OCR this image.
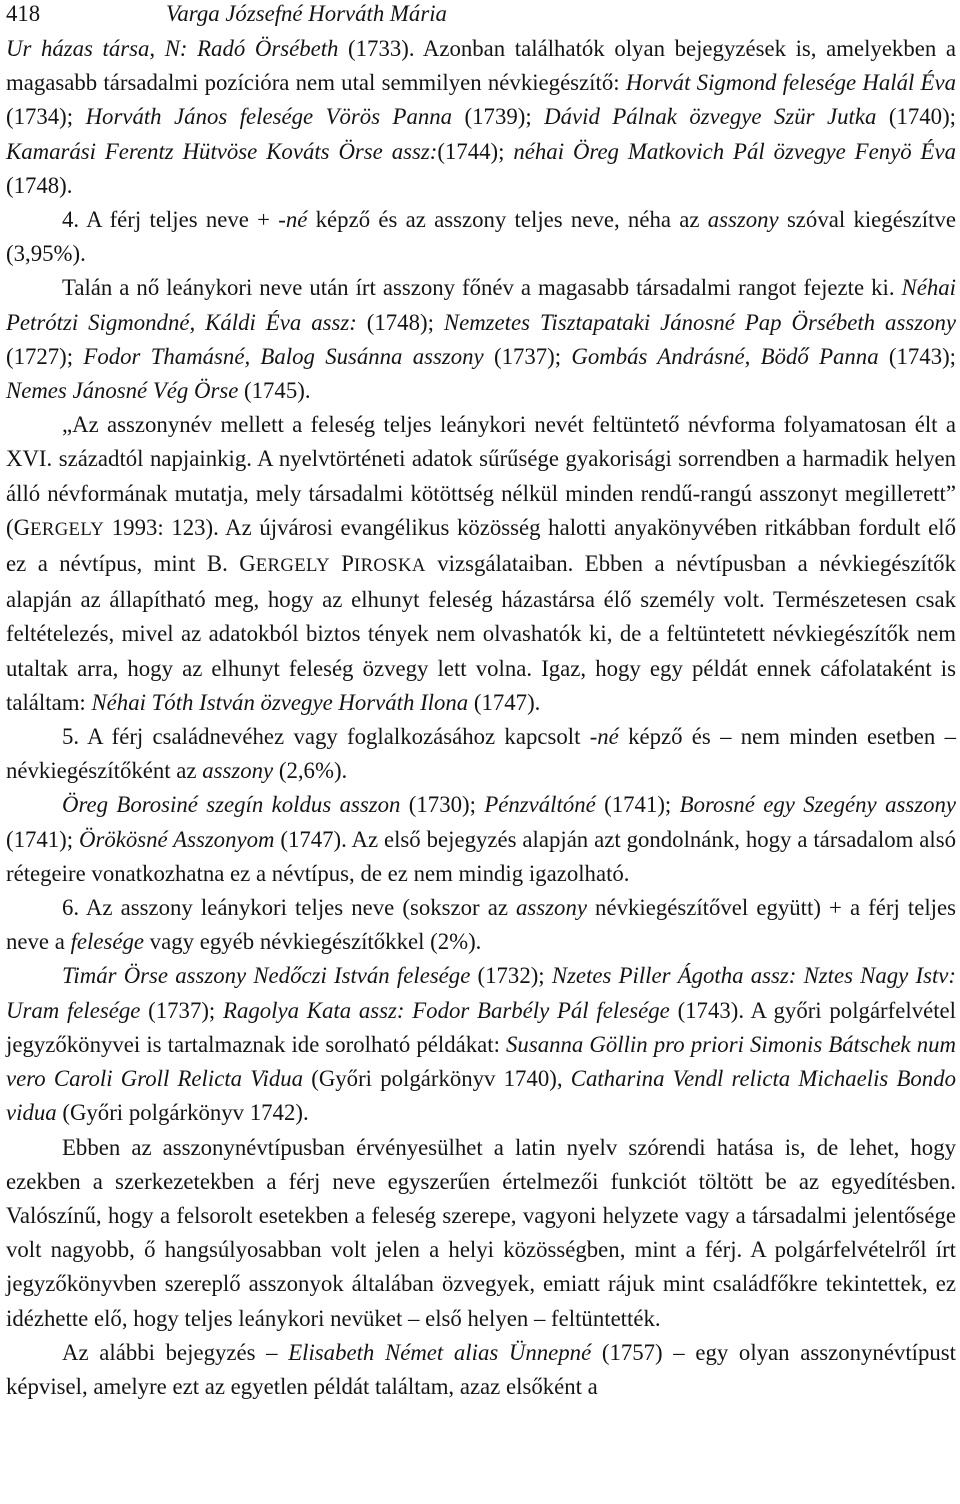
418	Varga Józsefné Horváth Mária

Ur házas társa, N: Radó Örsébeth (1733). Azonban találhatók olyan bejegyzések is, amelyekben a magasabb társadalmi pozícióra nem utal semmilyen névkiegészítő: Horvát Sigmond felesége Halál Éva (1734); Horváth János felesége Vörös Panna (1739); Dávid Pálnak özvegye Szür Jutka (1740); Kamarási Ferentz Hütvöse Kováts Örse assz:(1744); néhai Öreg Matkovich Pál özvegye Fenyö Éva (1748).

4. A férj teljes neve + -né képző és az asszony teljes neve, néha az asszony szóval kiegészítve (3,95%).

Talán a nő leánykori neve után írt asszony főnév a magasabb társadalmi rangot fejezte ki. Néhai Petrótzi Sigmondné, Káldi Éva assz: (1748); Nemzetes Tisztapataki Jánosné Pap Örsébeth asszony (1727); Fodor Thamásné, Balog Susánna asszony (1737); Gombás Andrásné, Bödő Panna (1743); Nemes Jánosné Vég Örse (1745).

„Az asszonynév mellett a feleség teljes leánykori nevét feltüntető névforma folyamatosan élt a XVI. századtól napjainkig. A nyelvtörténeti adatok sűrűsége gyakorisági sorrendben a harmadik helyen álló névformának mutatja, mely társadalmi kötöttség nélkül minden rendű-rangú asszonyt megillетett” (GERGELY 1993: 123). Az újvárosi evangélikus közösség halotti anyakönyvében ritkábban fordult elő ez a névtípus, mint B. GERGELY PIROSKA vizsgálataiban. Ebben a névtípusban a névkiegészítők alapján az állapítható meg, hogy az elhunyt feleség házastársa élő személy volt. Természetesen csak feltételezés, mivel az adatokból biztos tények nem olvashatók ki, de a feltüntetett névkiegészítők nem utaltak arra, hogy az elhunyt feleség özvegy lett volna. Igaz, hogy egy példát ennek cáfolataként is találtam: Néhai Tóth István özvegye Horváth Ilona (1747).

5. A férj családnevéhez vagy foglalkozásához kapcsolt -né képző és – nem minden esetben – névkiegészítőként az asszony (2,6%).

Öreg Borosiné szegín koldus asszon (1730); Pénzváltóné (1741); Borosné egy Szegény asszony (1741); Örökösné Asszonyom (1747). Az első bejegyzés alapján azt gondolnánk, hogy a társadalom alsó rétegeire vonatkozhatna ez a névtípus, de ez nem mindig igazolható.

6. Az asszony leánykori teljes neve (sokszor az asszony névkiegészítővel együtt) + a férj teljes neve a felesége vagy egyéb névkiegészítőkkel (2%).

Timár Örse asszony Nedőczi István felesége (1732); Nzetes Piller Ágotha assz: Nztes Nagy Istv: Uram felesége (1737); Ragolya Kata assz: Fodor Barbély Pál felesége (1743). A győri polgárfelvétel jegyzőkönyvei is tartalmaznak ide sorolható példákat: Susanna Göllin pro priori Simonis Bátschek num vero Caroli Groll Relicta Vidua (Győri polgárkönyv 1740), Catharina Vendl relicta Michaelis Bondo vidua (Győri polgárkönyv 1742).

Ebben az asszonynévtípusban érvényesülhet a latin nyelv szórendi hatása is, de lehet, hogy ezekben a szerkezetekben a férj neve egyszerűen értelmezői funkciót töltött be az egyedítésben. Valószínű, hogy a felsorolt esetekben a feleség szerepe, vagyoni helyzete vagy a társadalmi jelentősége volt nagyobb, ő hangsúlyosabban volt jelen a helyi közösségben, mint a férj. A polgárfelvételről írt jegyzőkönyvben szereplő asszonyok általában özvegyek, emiatt rájuk mint családfőkre tekintettek, ez idézhette elő, hogy teljes leánykori nevüket – első helyen – feltüntették.

Az alábbi bejegyzés – Elisabeth Német alias Ünnepné (1757) – egy olyan asszonynévtípust képvisel, amelyre ezt az egyetlen példát találtam, azaz elsőként a
